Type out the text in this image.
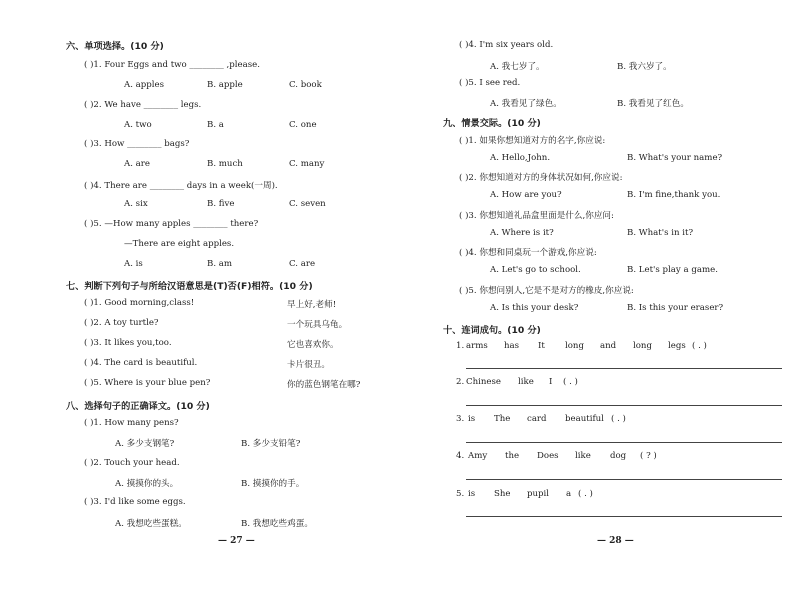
六、单项选择。(10 分)
( )1. Four Eggs and two ________ ,please.
A. apples	B. apple	C. book
( )2. We have ________ legs.
A. two	B. a	C. one
( )3. How ________ bags?
A. are	B. much	C. many
( )4. There are ________ days in a week(一周).
A. six	B. five	C. seven
( )5. —How many apples ________ there?
—There are eight apples.
A. is	B. am	C. are
七、判断下列句子与所给汉语意思是(T)否(F)相符。(10 分)
( )1. Good morning,class!	早上好,老师!
( )2. A toy turtle?	一个玩具乌龟。
( )3. It likes you,too.	它也喜欢你。
( )4. The card is beautiful.	卡片很丑。
( )5. Where is your blue pen?	你的蓝色钢笔在哪?
八、选择句子的正确译文。(10 分)
( )1. How many pens?
A. 多少支钢笔?	B. 多少支铅笔?
( )2. Touch your head.
A. 摸摸你的头。	B. 摸摸你的手。
( )3. I'd like some eggs.
A. 我想吃些蛋糕。	B. 我想吃些鸡蛋。
— 27 —
( )4. I'm six years old.
A. 我七岁了。	B. 我六岁了。
( )5. I see red.
A. 我看见了绿色。	B. 我看见了红色。
九、情景交际。(10 分)
( )1. 如果你想知道对方的名字,你应说:
A. Hello,John.	B. What's your name?
( )2. 你想知道对方的身体状况如何,你应说:
A. How are you?	B. I'm fine,thank you.
( )3. 你想知道礼品盒里面是什么,你应问:
A. Where is it?	B. What's in it?
( )4. 你想和同桌玩一个游戏,你应说:
A. Let's go to school.	B. Let's play a game.
( )5. 你想问别人,它是不是对方的橡皮,你应说:
A. Is this your desk?	B. Is this your eraser?
十、连词成句。(10 分)
1. arms has It long and long legs ( . )
2. Chinese like I ( . )
3. is The card beautiful ( . )
4. Amy the Does like dog ( ? )
5. is She pupil a ( . )
— 28 —
